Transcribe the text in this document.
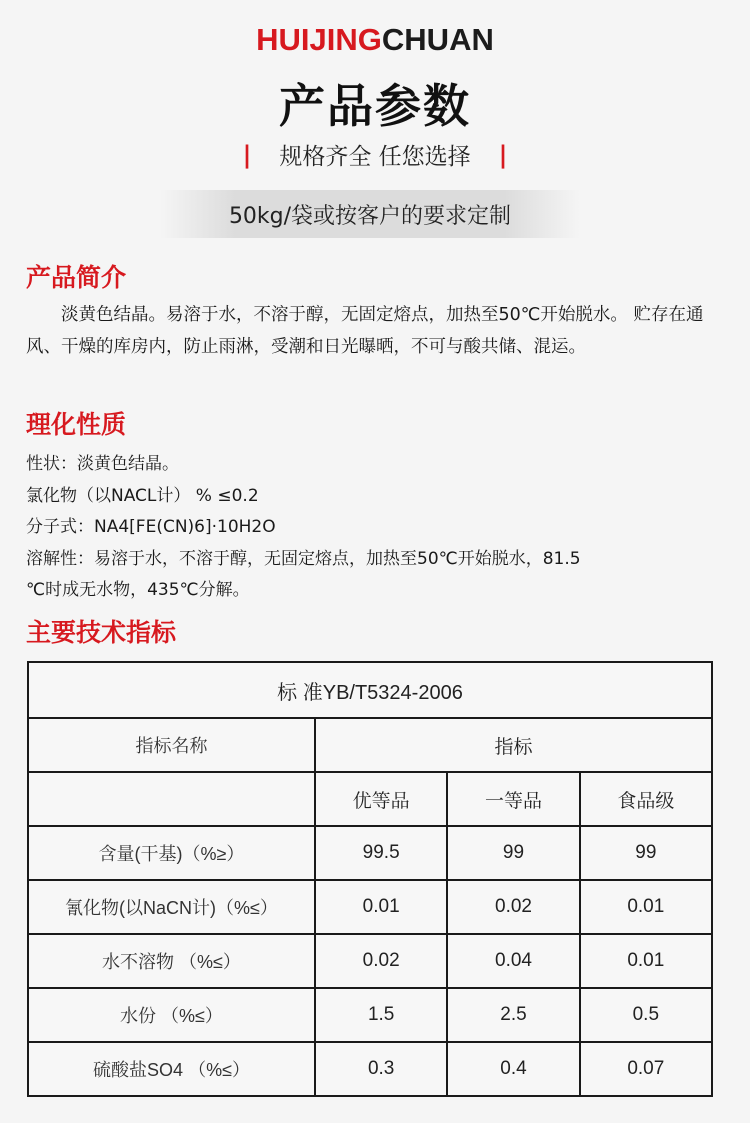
HUIJINGCHUAN
产品参数
| 规格齐全 任您选择 |
50kg/袋或按客户的要求定制
产品简介
淡黄色结晶。易溶于水，不溶于醇，无固定熔点，加热至50℃开始脱水。 贮存在通风、干燥的库房内，防止雨淋，受潮和日光曝晒，不可与酸共储、混运。
理化性质
性状：淡黄色结晶。
氯化物（以NACL计） % ≤0.2
分子式：NA4[FE(CN)6]·10H2O
溶解性：易溶于水，不溶于醇，无固定熔点，加热至50℃开始脱水，81.5
℃时成无水物，435℃分解。
主要技术指标
标 准YB/T5324-2006			
指标名称	指标		
	优等品	一等品	食品级
含量(干基)（%≥）	99.5	99	99
氰化物(以NaCN计)（%≤）	0.01	0.02	0.01
水不溶物 （%≤）	0.02	0.04	0.01
水份 （%≤）	1.5	2.5	0.5
硫酸盐SO4 （%≤）	0.3	0.4	0.07
